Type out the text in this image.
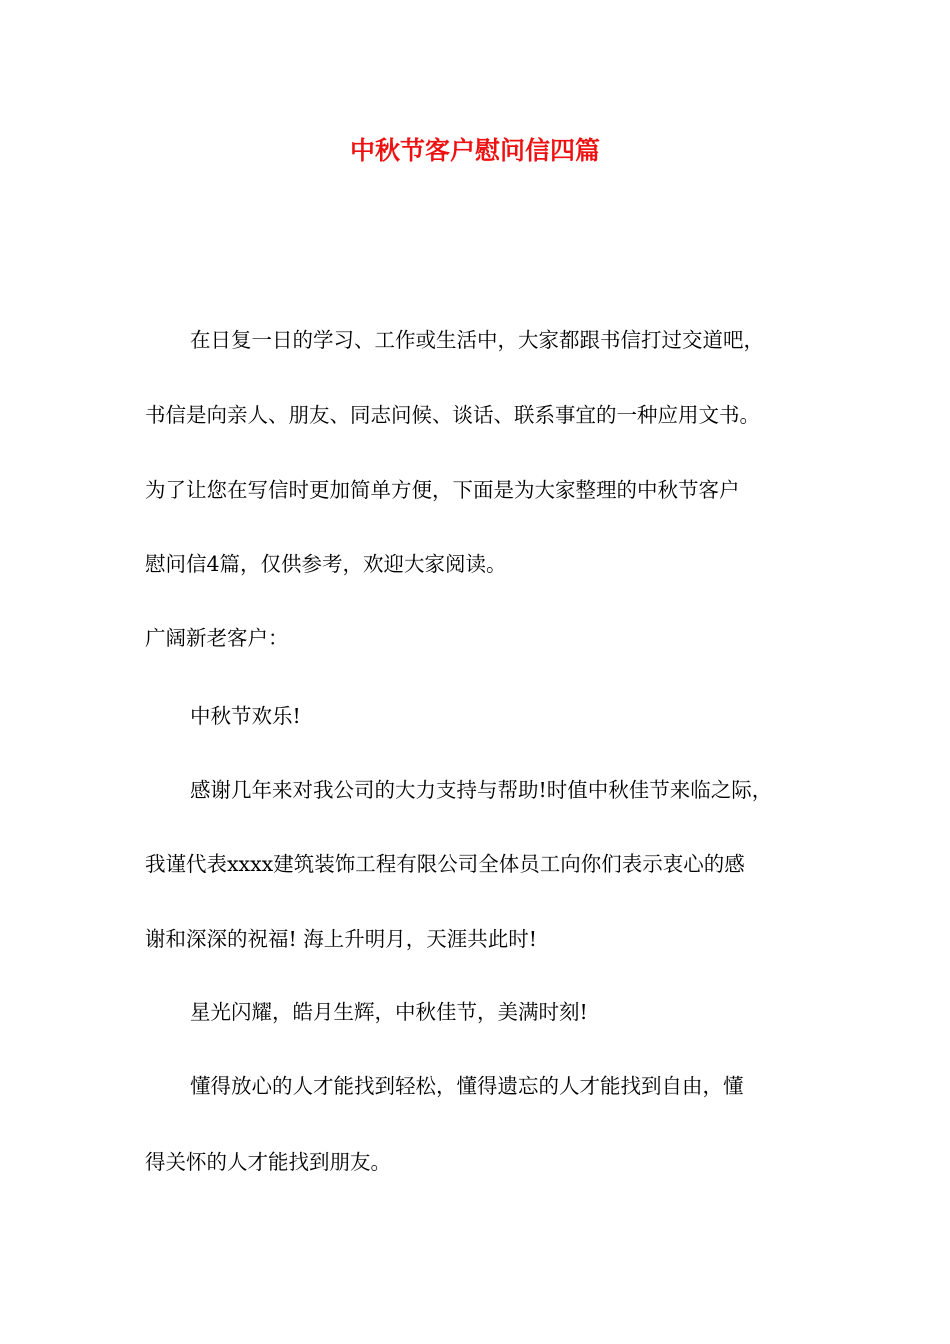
中秋节客户慰问信四篇
在日复一日的学习、工作或生活中，大家都跟书信打过交道吧，
书信是向亲人、朋友、同志问候、谈话、联系事宜的一种应用文书。
为了让您在写信时更加简单方便，下面是为大家整理的中秋节客户
慰问信4篇，仅供参考，欢迎大家阅读。
广阔新老客户：
中秋节欢乐!
感谢几年来对我公司的大力支持与帮助!时值中秋佳节来临之际，
我谨代表xxxx建筑装饰工程有限公司全体员工向你们表示衷心的感
谢和深深的祝福! 海上升明月，天涯共此时!
星光闪耀，皓月生辉，中秋佳节，美满时刻!
懂得放心的人才能找到轻松，懂得遗忘的人才能找到自由，懂
得关怀的人才能找到朋友。
